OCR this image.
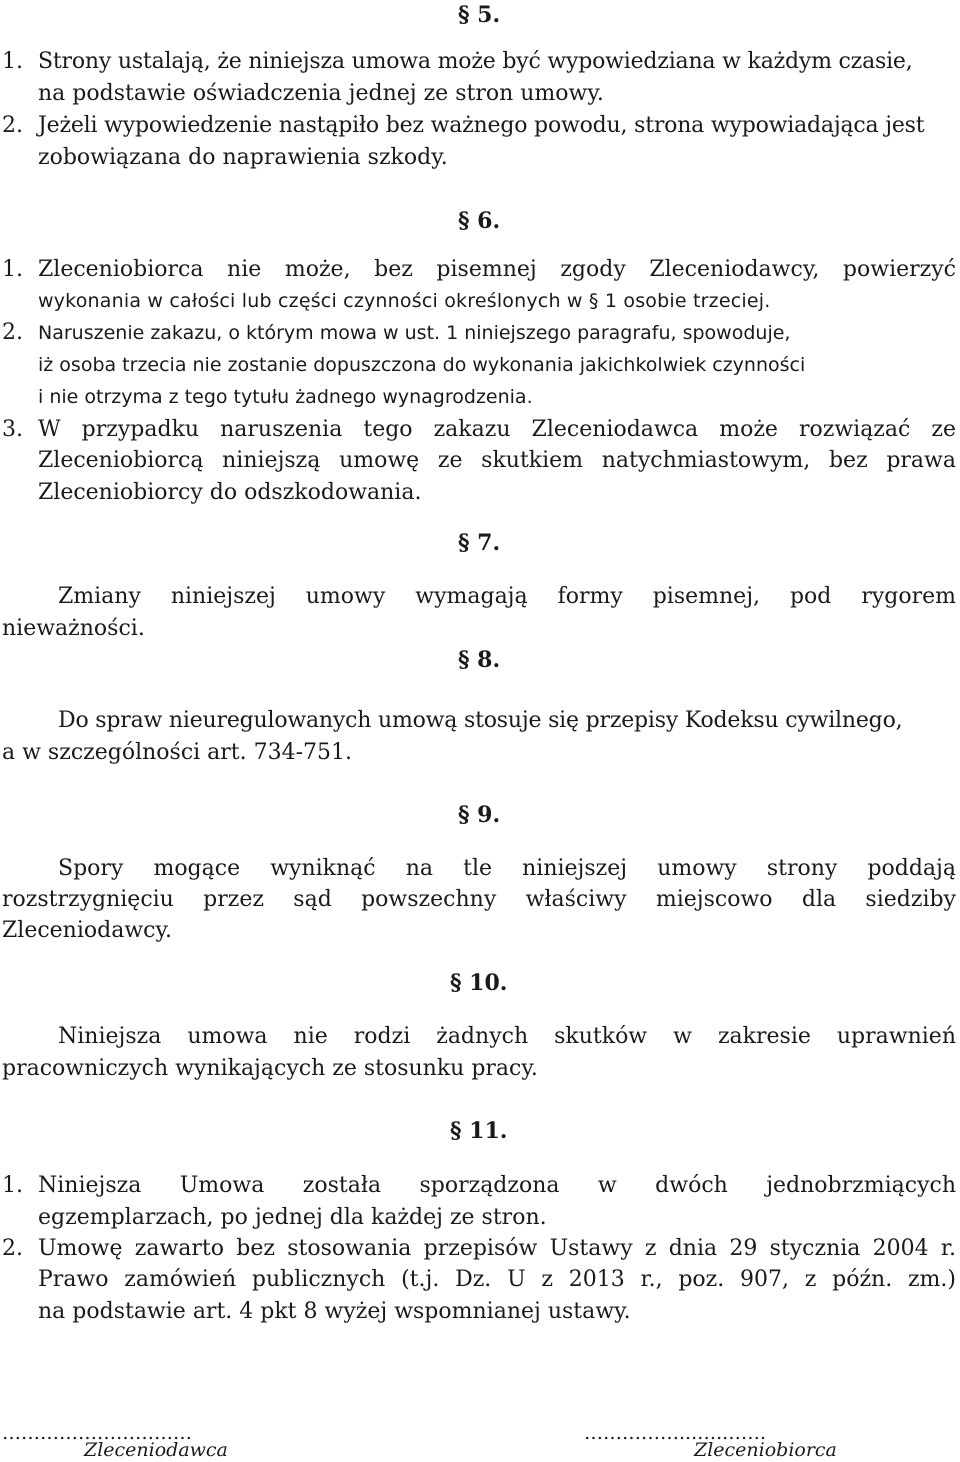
§ 5.
1. Strony ustalają, że niniejsza umowa może być wypowiedziana w każdym czasie,
na podstawie oświadczenia jednej ze stron umowy.
2. Jeżeli wypowiedzenie nastąpiło bez ważnego powodu, strona wypowiadająca jest
zobowiązana do naprawienia szkody.
§ 6.
1. Zleceniobiorca nie może, bez pisemnej zgody Zleceniodawcy, powierzyć
wykonania w całości lub części czynności określonych w § 1 osobie trzeciej.
2. Naruszenie zakazu, o którym mowa w ust. 1 niniejszego paragrafu, spowoduje,
iż osoba trzecia nie zostanie dopuszczona do wykonania jakichkolwiek czynności
i nie otrzyma z tego tytułu żadnego wynagrodzenia.
3. W przypadku naruszenia tego zakazu Zleceniodawca może rozwiązać ze
Zleceniobiorcą niniejszą umowę ze skutkiem natychmiastowym, bez prawa
Zleceniobiorcy do odszkodowania.
§ 7.
Zmiany niniejszej umowy wymagają formy pisemnej, pod rygorem
nieważności.
§ 8.
Do spraw nieuregulowanych umową stosuje się przepisy Kodeksu cywilnego,
a w szczególności art. 734-751.
§ 9.
Spory mogące wyniknąć na tle niniejszej umowy strony poddają
rozstrzygnięciu przez sąd powszechny właściwy miejscowo dla siedziby
Zleceniodawcy.
§ 10.
Niniejsza umowa nie rodzi żadnych skutków w zakresie uprawnień
pracowniczych wynikających ze stosunku pracy.
§ 11.
1. Niniejsza Umowa została sporządzona w dwóch jednobrzmiących
egzemplarzach, po jednej dla każdej ze stron.
2. Umowę zawarto bez stosowania przepisów Ustawy z dnia 29 stycznia 2004 r.
Prawo zamówień publicznych (t.j. Dz. U z 2013 r., poz. 907, z późn. zm.)
na podstawie art. 4 pkt 8 wyżej wspomnianej ustawy.
…………………………
Zleceniodawca
……………...…..……
Zleceniobiorca
